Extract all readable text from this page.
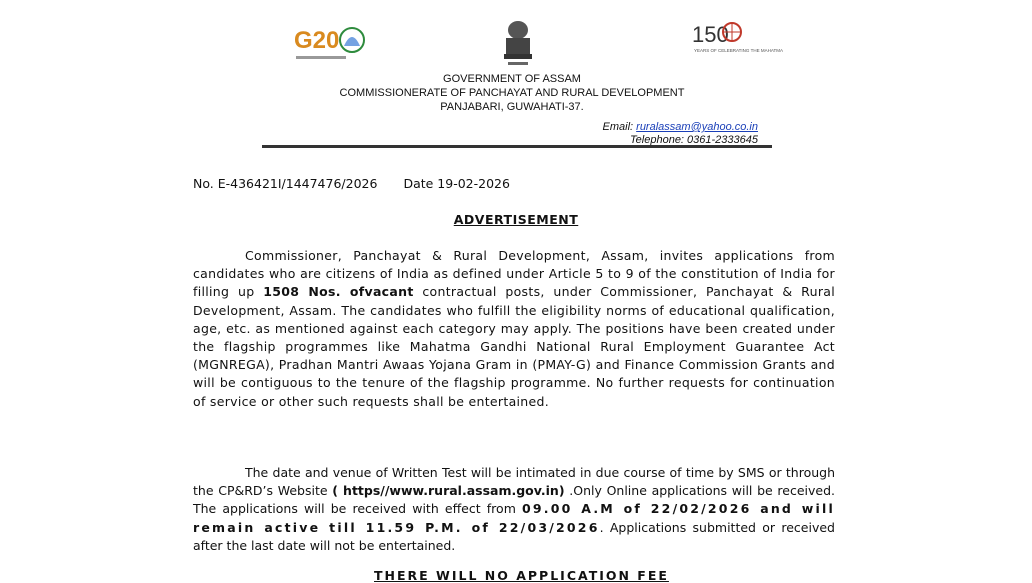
G20	150
YEARS OF CELEBRATING THE MAHATMA
GOVERNMENT OF ASSAM
COMMISSIONERATE OF PANCHAYAT AND RURAL DEVELOPMENT
PANJABARI, GUWAHATI-37.
Email: ruralassam@yahoo.co.in
Telephone: 0361-2333645
No. E-436421I/1447476/2026 Date 19-02-2026
ADVERTISEMENT
Commissioner, Panchayat & Rural Development, Assam, invites applications from candidates who are citizens of India as defined under Article 5 to 9 of the constitution of India for filling up 1508 Nos. ofvacant contractual posts, under Commissioner, Panchayat & Rural Development, Assam. The candidates who fulfill the eligibility norms of educational qualification, age, etc. as mentioned against each category may apply. The positions have been created under the flagship programmes like Mahatma Gandhi National Rural Employment Guarantee Act (MGNREGA), Pradhan Mantri Awaas Yojana Gram in (PMAY-G) and Finance Commission Grants and will be contiguous to the tenure of the flagship programme. No further requests for continuation of service or other such requests shall be entertained.
The date and venue of Written Test will be intimated in due course of time by SMS or through the CP&RD’s Website ( https//www.rural.assam.gov.in) .Only Online applications will be received. The applications will be received with effect from 09.00 A.M of 22/02/2026 and will remain active till 11.59 P.M. of 22/03/2026. Applications submitted or received after the last date will not be entertained.
THERE WILL NO APPLICATION FEE
